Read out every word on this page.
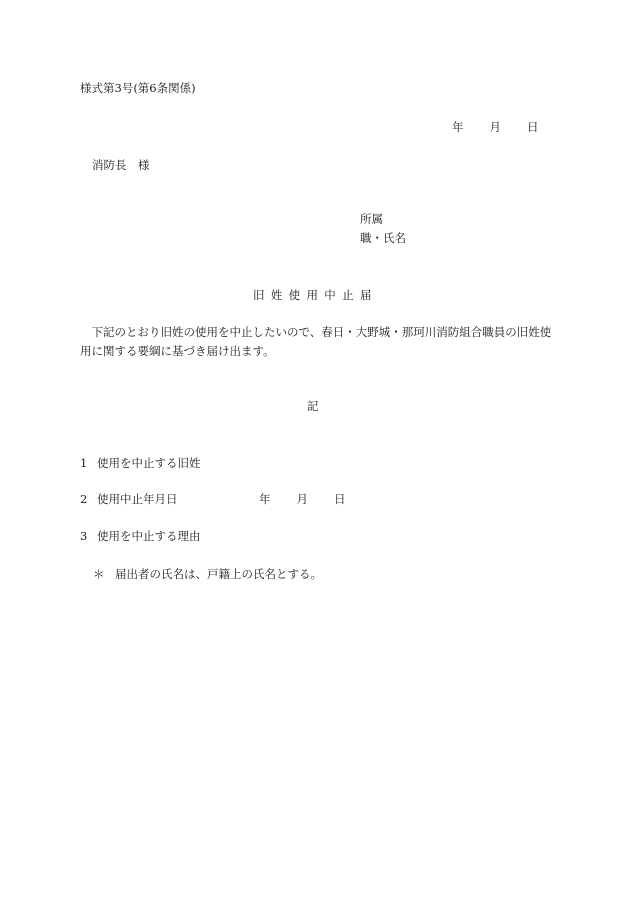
様式第3号(第6条関係)
年 月 日
消防長　様
所属
職・氏名
旧姓使用中止届
下記のとおり旧姓の使用を中止したいので、春日・大野城・那珂川消防組合職員の旧姓使用に関する要綱に基づき届け出ます。
記
1 使用を中止する旧姓
2 使用中止年月日	年 月 日
3 使用を中止する理由
＊ 届出者の氏名は、戸籍上の氏名とする。
